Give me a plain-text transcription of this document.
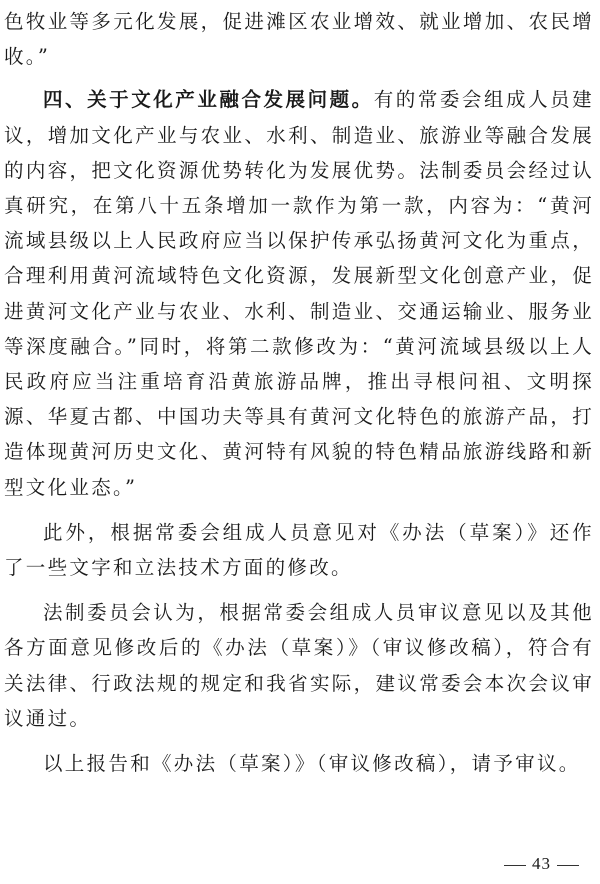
色牧业等多元化发展，促进滩区农业增效、就业增加、农民增收。”

四、关于文化产业融合发展问题。有的常委会组成人员建议，增加文化产业与农业、水利、制造业、旅游业等融合发展的内容，把文化资源优势转化为发展优势。法制委员会经过认真研究，在第八十五条增加一款作为第一款，内容为：“黄河流域县级以上人民政府应当以保护传承弘扬黄河文化为重点，合理利用黄河流域特色文化资源，发展新型文化创意产业，促进黄河文化产业与农业、水利、制造业、交通运输业、服务业等深度融合。”同时，将第二款修改为：“黄河流域县级以上人民政府应当注重培育沿黄旅游品牌，推出寻根问祖、文明探源、华夏古都、中国功夫等具有黄河文化特色的旅游产品，打造体现黄河历史文化、黄河特有风貌的特色精品旅游线路和新型文化业态。”

此外，根据常委会组成人员意见对《办法（草案）》还作了一些文字和立法技术方面的修改。

法制委员会认为，根据常委会组成人员审议意见以及其他各方面意见修改后的《办法（草案）》（审议修改稿），符合有关法律、行政法规的规定和我省实际，建议常委会本次会议审议通过。

以上报告和《办法（草案）》（审议修改稿），请予审议。

43
